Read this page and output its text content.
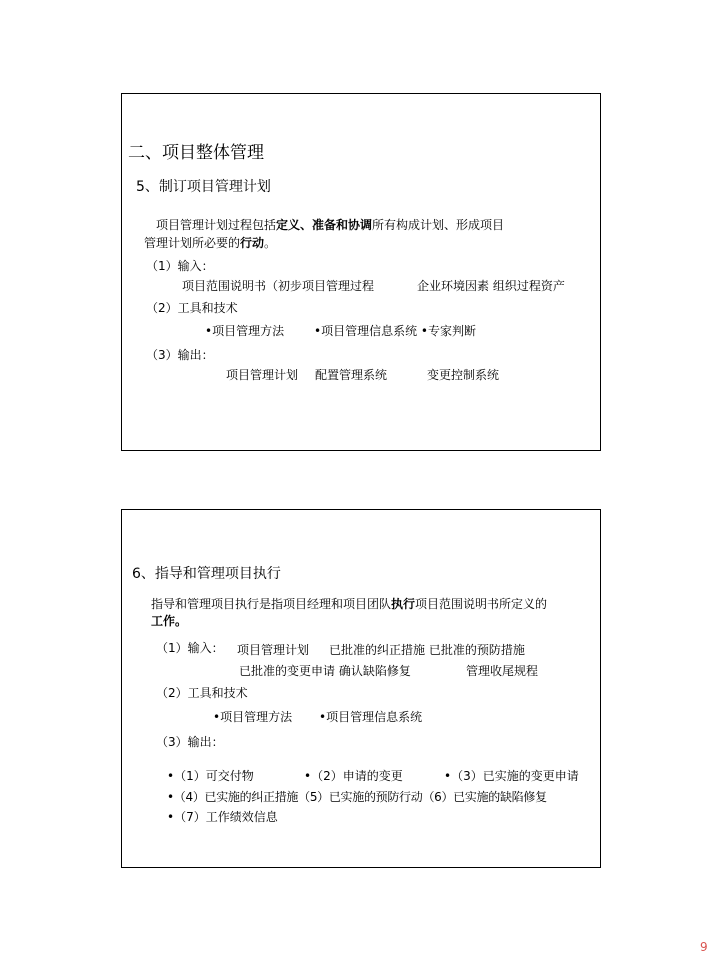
二、项目整体管理
5、制订项目管理计划
项目管理计划过程包括定义、准备和协调所有构成计划、形成项目
管理计划所必要的行动。
（1）输入：
项目范围说明书（初步项目管理过程	企业环境因素 组织过程资产
（2）工具和技术
•项目管理方法 •项目管理信息系统 •专家判断
（3）输出：
项目管理计划 配置管理系统	变更控制系统
6、指导和管理项目执行
指导和管理项目执行是指项目经理和项目团队执行项目范围说明书所定义的
工作。
（1）输入： 项目管理计划 已批准的纠正措施 已批准的预防措施
已批准的变更申请 确认缺陷修复	管理收尾规程
（2）工具和技术
•项目管理方法 •项目管理信息系统
（3）输出：
•（1）可交付物	•（2）申请的变更	•（3）已实施的变更申请
•（4）已实施的纠正措施（5）已实施的预防行动（6）已实施的缺陷修复
•（7）工作绩效信息
9
